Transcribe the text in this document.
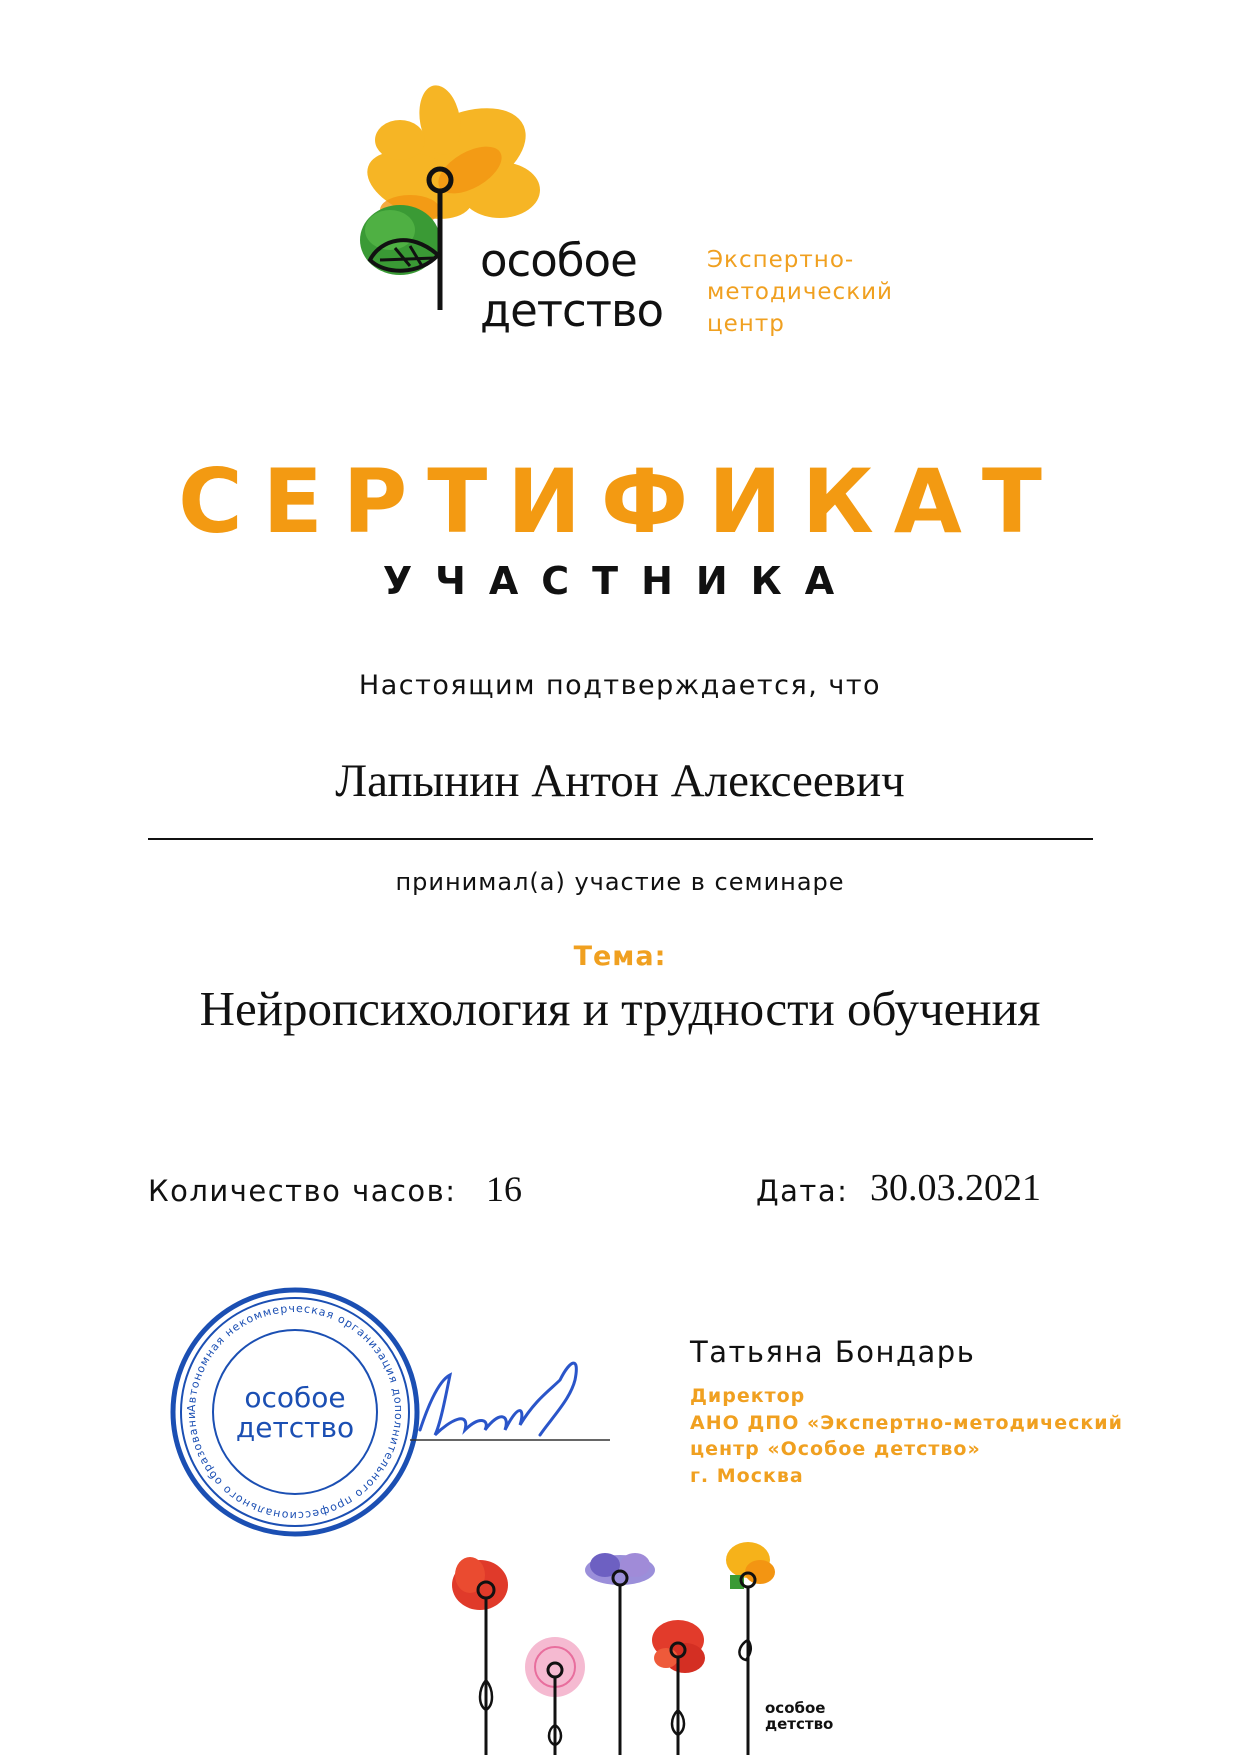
особое
детство
Экспертно-
методический
центр
СЕРТИФИКАТ
УЧАСТНИКА
Настоящим подтверждается, что
Лапынин Антон Алексеевич
принимал(а) участие в семинаре
Тема:
Нейропсихология и трудности обучения
Количество часов: 16	Дата: 30.03.2021
Автономная некоммерческая организация дополнительного профессионального образовани
особое
детство
Татьяна Бондарь
Директор
АНО ДПО «Экспертно-методический
центр «Особое детство»
г. Москва
особое
детство
